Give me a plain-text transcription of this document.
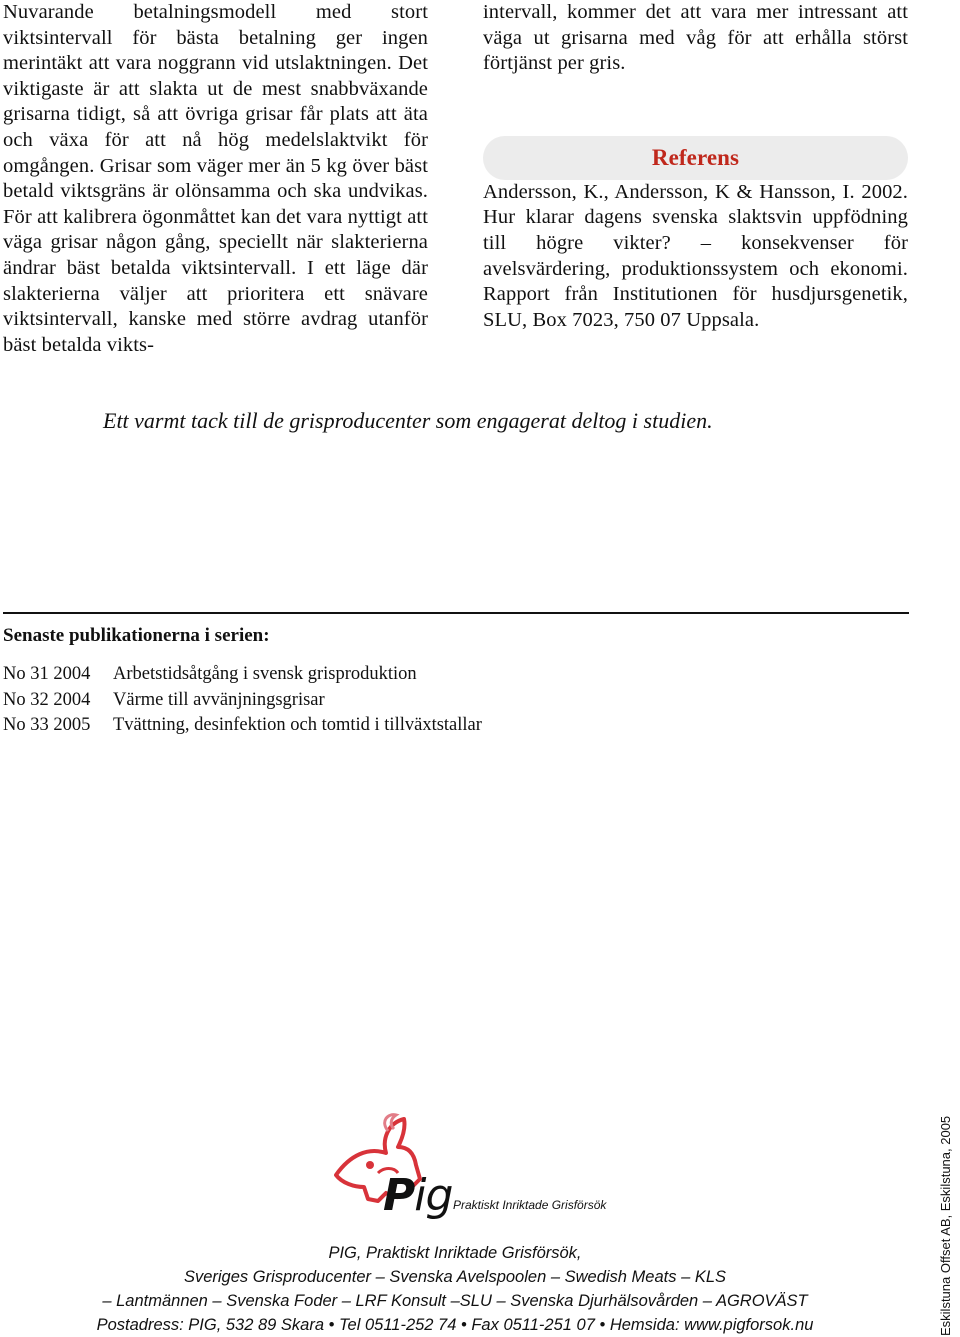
Nuvarande betalningsmodell med stort viktsintervall för bästa betalning ger ingen merintäkt att vara noggrann vid utslaktningen. Det viktigaste är att slakta ut de mest snabbväxande grisarna tidigt, så att övriga grisar får plats att äta och växa för att nå hög medelslaktvikt för omgången. Grisar som väger mer än 5 kg över bäst betald viktsgräns är olönsamma och ska undvikas. För att kalibrera ögonmåttet kan det vara nyttigt att väga grisar någon gång, speciellt när slakterierna ändrar bäst betalda viktsintervall. I ett läge där slakterierna väljer att prioritera ett snävare viktsintervall, kanske med större avdrag utanför bäst betalda vikts-

intervall, kommer det att vara mer intressant att väga ut grisarna med våg för att erhålla störst förtjänst per gris.

Referens

Andersson, K., Andersson, K & Hansson, I. 2002. Hur klarar dagens svenska slaktsvin uppfödning till högre vikter? – konsekvenser för avelsvärdering, produktionssystem och ekonomi. Rapport från Institutionen för husdjursgenetik, SLU, Box 7023, 750 07 Uppsala.

Ett varmt tack till de grisproducenter som engagerat deltog i studien.
Senaste publikationerna i serien:
No 31 2004 Arbetstidsåtgång i svensk grisproduktion
No 32 2004 Värme till avvänjningsgrisar
No 33 2005 Tvättning, desinfektion och tomtid i tillväxtstallar
Pig Praktiskt Inriktade Grisförsök
PIG, Praktiskt Inriktade Grisförsök,
Sveriges Grisproducenter – Svenska Avelspoolen – Swedish Meats – KLS
– Lantmännen – Svenska Foder – LRF Konsult –SLU – Svenska Djurhälsovården – AGROVÄST
Postadress: PIG, 532 89 Skara • Tel 0511-252 74 • Fax 0511-251 07 • Hemsida: www.pigforsok.nu	Eskilstuna Offset AB, Eskilstuna, 2005
